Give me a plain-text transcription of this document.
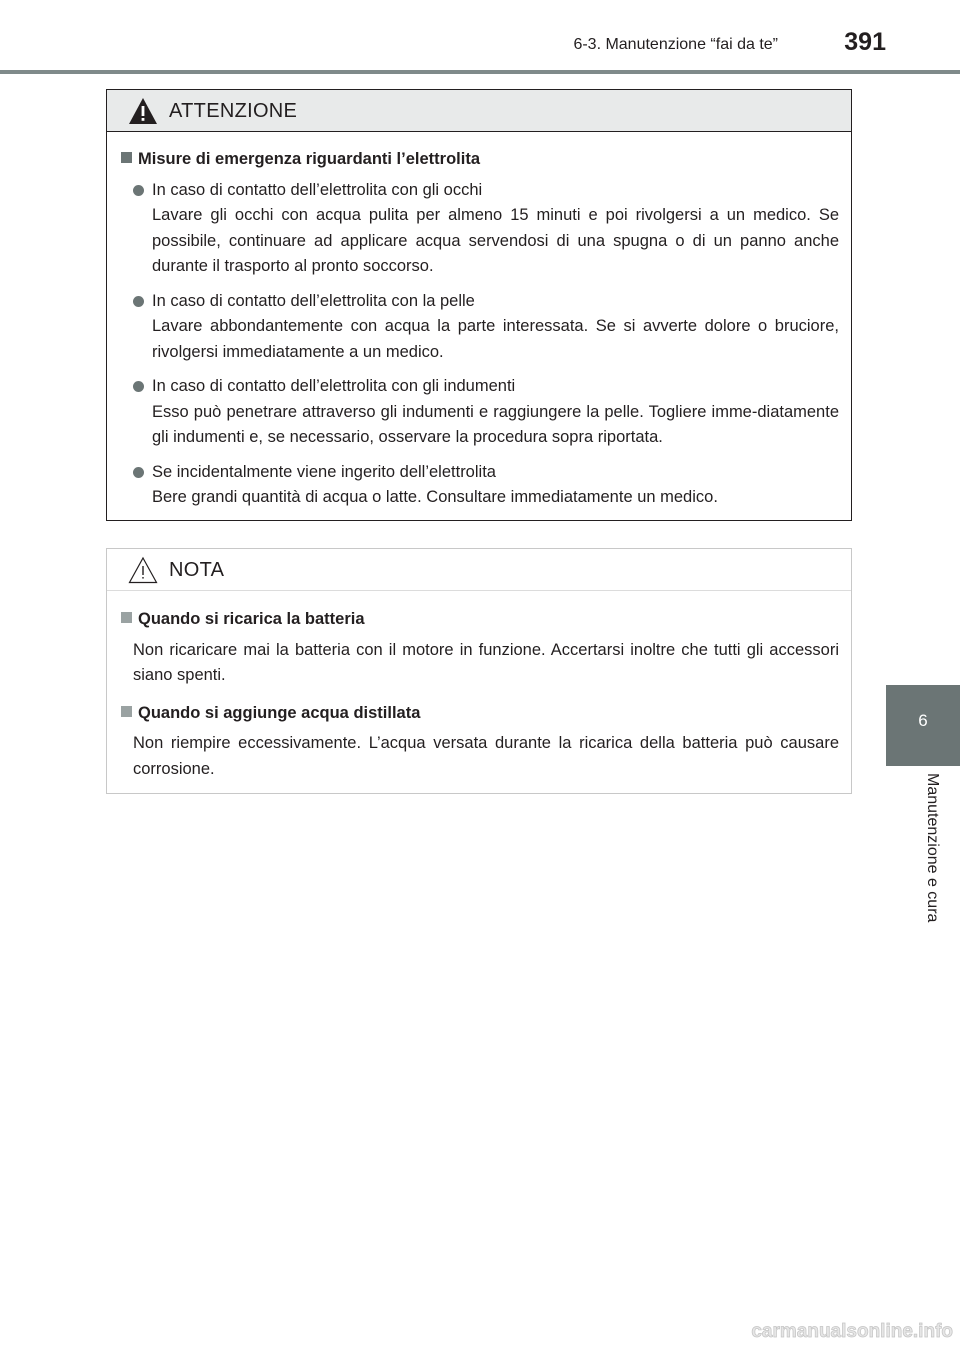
6-3. Manutenzione “fai da te”	391
6
Manutenzione e cura
ATTENZIONE
Misure di emergenza riguardanti l’elettrolita
In caso di contatto dell’elettrolita con gli occhi
Lavare gli occhi con acqua pulita per almeno 15 minuti e poi rivolgersi a un medico. Se possibile, continuare ad applicare acqua servendosi di una spugna o di un panno anche durante il trasporto al pronto soccorso.
In caso di contatto dell’elettrolita con la pelle
Lavare abbondantemente con acqua la parte interessata. Se si avverte dolore o bruciore, rivolgersi immediatamente a un medico.
In caso di contatto dell’elettrolita con gli indumenti
Esso può penetrare attraverso gli indumenti e raggiungere la pelle. Togliere imme-diatamente gli indumenti e, se necessario, osservare la procedura sopra riportata.
Se incidentalmente viene ingerito dell’elettrolita
Bere grandi quantità di acqua o latte. Consultare immediatamente un medico.
NOTA
Quando si ricarica la batteria
Non ricaricare mai la batteria con il motore in funzione. Accertarsi inoltre che tutti gli accessori siano spenti.
Quando si aggiunge acqua distillata
Non riempire eccessivamente. L’acqua versata durante la ricarica della batteria può causare corrosione.
carmanualsonline.info
